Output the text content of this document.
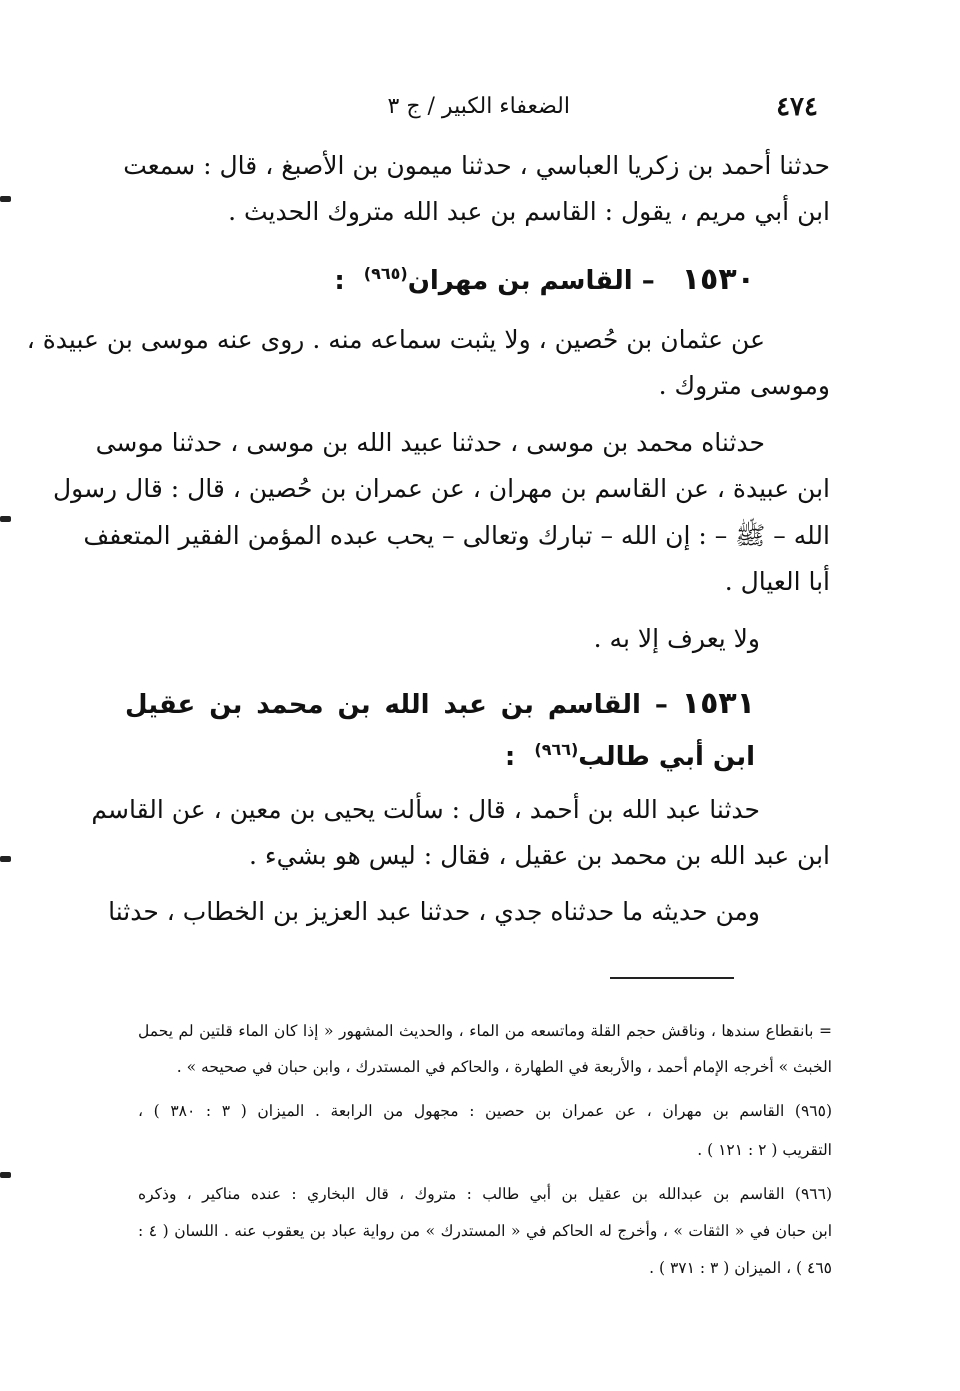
٤٧٤
الضعفاء الكبير / ج ٣
حدثنا أحمد بن زكريا العباسي ، حدثنا ميمون بن الأصبغ ، قال : سمعت
ابن أبي مريم ، يقول : القاسم بن عبد الله متروك الحديث .
١٥٣٠ – القاسم بن مهران$^{(٩٦٥)}$ :
عن عثمان بن حُصين ، ولا يثبت سماعه منه . روى عنه موسى بن عبيدة ،
وموسى متروك .
حدثناه محمد بن موسى ، حدثنا عبيد الله بن موسى ، حدثنا موسى
ابن عبيدة ، عن القاسم بن مهران ، عن عمران بن حُصين ، قال : قال رسول
الله – ﷺ – : إن الله – تبارك وتعالى – يحب عبده المؤمن الفقير المتعفف
أبا العيال .
ولا يعرف إلا به .
١٥٣١ – القاسم بن عبد الله بن محمد بن عقيل
ابن أبي طالب$^{(٩٦٦)}$ :
حدثنا عبد الله بن أحمد ، قال : سألت يحيى بن معين ، عن القاسم
ابن عبد الله بن محمد بن عقيل ، فقال : ليس هو بشيء .
ومن حديثه ما حدثناه جدي ، حدثنا عبد العزيز بن الخطاب ، حدثنا
= بانقطاع سندها ، وناقش حجم القلة وماتسعه من الماء ، والحديث المشهور « إذا كان الماء قلتين لم يحمل
الخبث » أخرجه الإمام أحمد ، والأربعة في الطهارة ، والحاكم في المستدرك ، وابن حبان في صحيحه » .
(٩٦٥) القاسم بن مهران ، عن عمران بن حصين : مجهول من الرابعة . الميزان ( ٣ : ٣٨٠ ) ،
التقريب ( ٢ : ١٢١ ) .
(٩٦٦) القاسم بن عبدالله بن عقيل بن أبي طالب : متروك ، قال البخاري : عنده مناكير ، وذكره
ابن حبان في « الثقات » ، وأخرج له الحاكم في « المستدرك » من رواية عباد بن يعقوب عنه . اللسان ( ٤ :
٤٦٥ ) ، الميزان ( ٣ : ٣٧١ ) .
